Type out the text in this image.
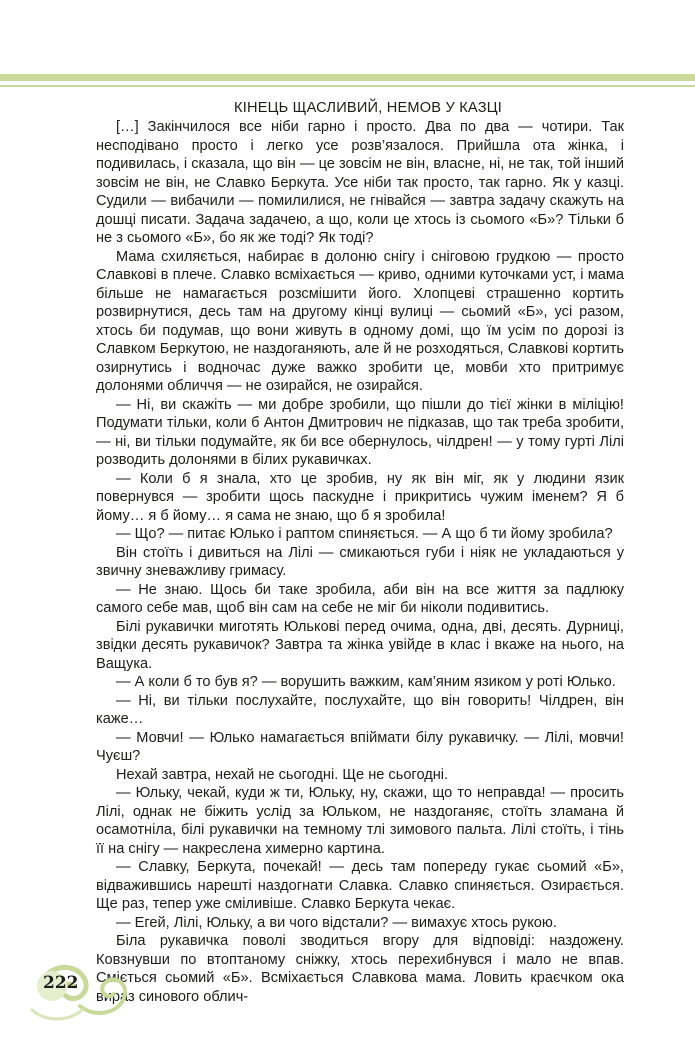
КІНЕЦЬ ЩАСЛИВИЙ, НЕМОВ У КАЗЦІ

[…] Закінчилося все ніби гарно і просто. Два по два — чотири. Так несподівано просто і легко усе розв’язалося. Прийшла ота жінка, і подивилась, і сказала, що він — це зовсім не він, власне, ні, не так, той інший зовсім не він, не Славко Беркута. Усе ніби так просто, так гарно. Як у казці. Судили — вибачили — помилилися, не гнівайся — завтра задачу скажуть на дошці писати. Задача задачею, а що, коли це хтось із сьомого «Б»? Тільки б не з сьомого «Б», бо як же тоді? Як тоді?

Мама схиляється, набирає в долоню снігу і сніговою грудкою — просто Славкові в плече. Славко всміхається — криво, одними куточками уст, і мама більше не намагається розсмішити його. Хлопцеві страшенно кортить розвирнутися, десь там на другому кінці вулиці — сьомий «Б», усі разом, хтось би подумав, що вони живуть в одному домі, що їм усім по дорозі із Славком Беркутою, не наздоганяють, але й не розходяться, Славкові кортить озирнутись і водночас дуже важко зробити це, мовби хто притримує долонями обличчя — не озирайся, не озирайся.

— Ні, ви скажіть — ми добре зробили, що пішли до тієї жінки в міліцію! Подумати тільки, коли б Антон Дмитрович не підказав, що так треба зробити, — ні, ви тільки подумайте, як би все обернулось, чілдрен! — у тому гурті Лілі розводить долонями в білих рукавичках.

— Коли б я знала, хто це зробив, ну як він міг, як у людини язик повернувся — зробити щось паскудне і прикритись чужим іменем? Я б йому… я б йому… я сама не знаю, що б я зробила!

— Що? — питає Юлько і раптом спиняється. — А що б ти йому зробила?

Він стоїть і дивиться на Лілі — смикаються губи і ніяк не укладаються у звичну зневажливу гримасу.

— Не знаю. Щось би таке зробила, аби він на все життя за падлюку самого себе мав, щоб він сам на себе не міг би ніколи подивитись.

Білі рукавички миготять Юлькові перед очима, одна, дві, десять. Дурниці, звідки десять рукавичок? Завтра та жінка увійде в клас і вкаже на нього, на Ващука.

— А коли б то був я? — ворушить важким, кам’яним язиком у роті Юлько.

— Ні, ви тільки послухайте, послухайте, що він говорить! Чілдрен, він каже…

— Мовчи! — Юлько намагається впіймати білу рукавичку. — Лілі, мовчи! Чуєш?

Нехай завтра, нехай не сьогодні. Ще не сьогодні.

— Юльку, чекай, куди ж ти, Юльку, ну, скажи, що то неправда! — просить Лілі, однак не біжить услід за Юльком, не наздоганяє, стоїть зламана й осамотніла, білі рукавички на темному тлі зимового пальта. Лілі стоїть, і тінь її на снігу — накреслена химерно картина.

— Славку, Беркута, почекай! — десь там попереду гукає сьомий «Б», відважившись нарешті наздогнати Славка. Славко спиняється. Озирається. Ще раз, тепер уже сміливіше. Славко Беркута чекає.

— Егей, Лілі, Юльку, а ви чого відстали? — вимахує хтось рукою.

Біла рукавичка поволі зводиться вгору для відповіді: наздожену. Ковзнувши по втоптаному сніжку, хтось перехибнувся і мало не впав. Сміється сьомий «Б». Всміхається Славкова мама. Ловить краєчком ока вираз синового облич-

222
